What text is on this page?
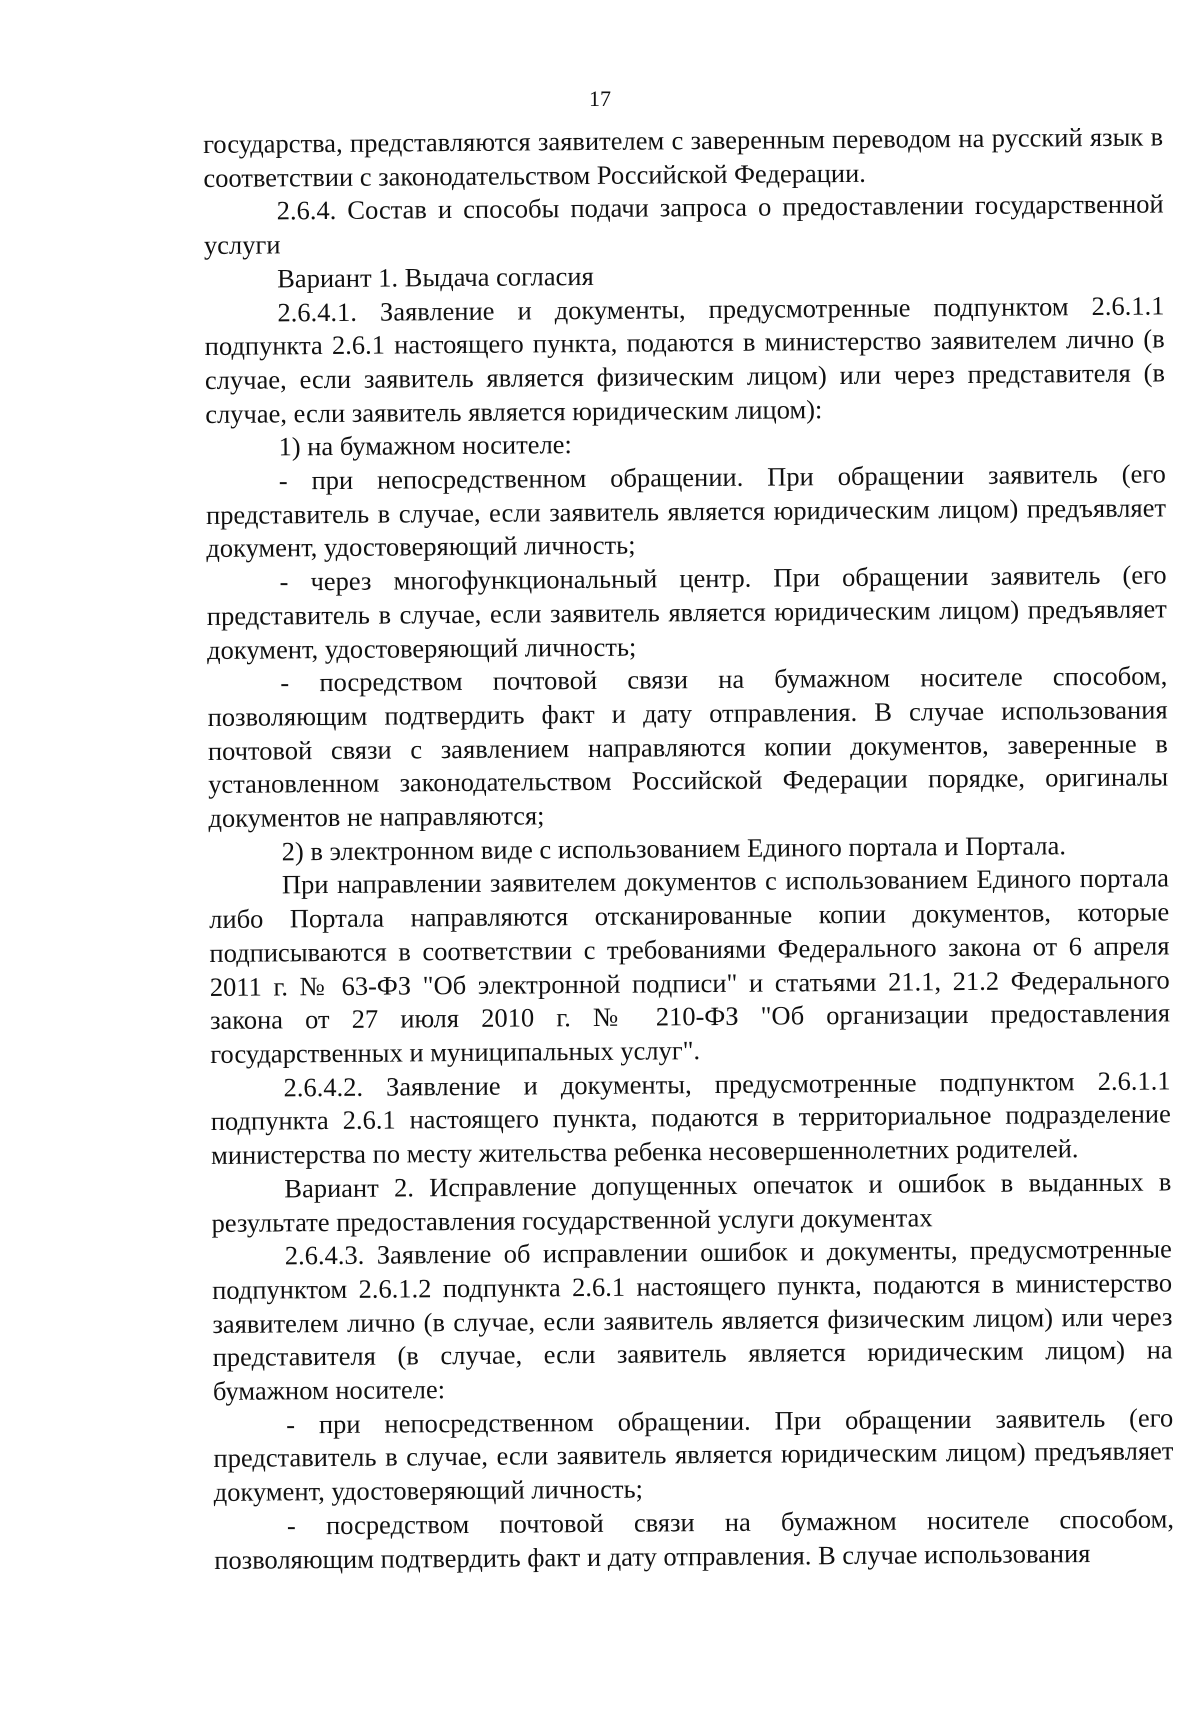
17

государства, представляются заявителем с заверенным переводом на русский язык в соответствии с законодательством Российской Федерации.

2.6.4. Состав и способы подачи запроса о предоставлении государственной услуги

Вариант 1. Выдача согласия

2.6.4.1. Заявление и документы, предусмотренные подпунктом 2.6.1.1 подпункта 2.6.1 настоящего пункта, подаются в министерство заявителем лично (в случае, если заявитель является физическим лицом) или через представителя (в случае, если заявитель является юридическим лицом):

1) на бумажном носителе:

- при непосредственном обращении. При обращении заявитель (его представитель в случае, если заявитель является юридическим лицом) предъявляет документ, удостоверяющий личность;

- через многофункциональный центр. При обращении заявитель (его представитель в случае, если заявитель является юридическим лицом) предъявляет документ, удостоверяющий личность;

- посредством почтовой связи на бумажном носителе способом, позволяющим подтвердить факт и дату отправления. В случае использования почтовой связи с заявлением направляются копии документов, заверенные в установленном законодательством Российской Федерации порядке, оригиналы документов не направляются;

2) в электронном виде с использованием Единого портала и Портала.

При направлении заявителем документов с использованием Единого портала либо Портала направляются отсканированные копии документов, которые подписываются в соответствии с требованиями Федерального закона от 6 апреля 2011 г. № 63-ФЗ "Об электронной подписи" и статьями 21.1, 21.2 Федерального закона от 27 июля 2010 г. № 210-ФЗ "Об организации предоставления государственных и муниципальных услуг".

2.6.4.2. Заявление и документы, предусмотренные подпунктом 2.6.1.1 подпункта 2.6.1 настоящего пункта, подаются в территориальное подразделение министерства по месту жительства ребенка несовершеннолетних родителей.

Вариант 2. Исправление допущенных опечаток и ошибок в выданных в результате предоставления государственной услуги документах

2.6.4.3. Заявление об исправлении ошибок и документы, предусмотренные подпунктом 2.6.1.2 подпункта 2.6.1 настоящего пункта, подаются в министерство заявителем лично (в случае, если заявитель является физическим лицом) или через представителя (в случае, если заявитель является юридическим лицом) на бумажном носителе:

- при непосредственном обращении. При обращении заявитель (его представитель в случае, если заявитель является юридическим лицом) предъявляет документ, удостоверяющий личность;

- посредством почтовой связи на бумажном носителе способом, позволяющим подтвердить факт и дату отправления. В случае использования
